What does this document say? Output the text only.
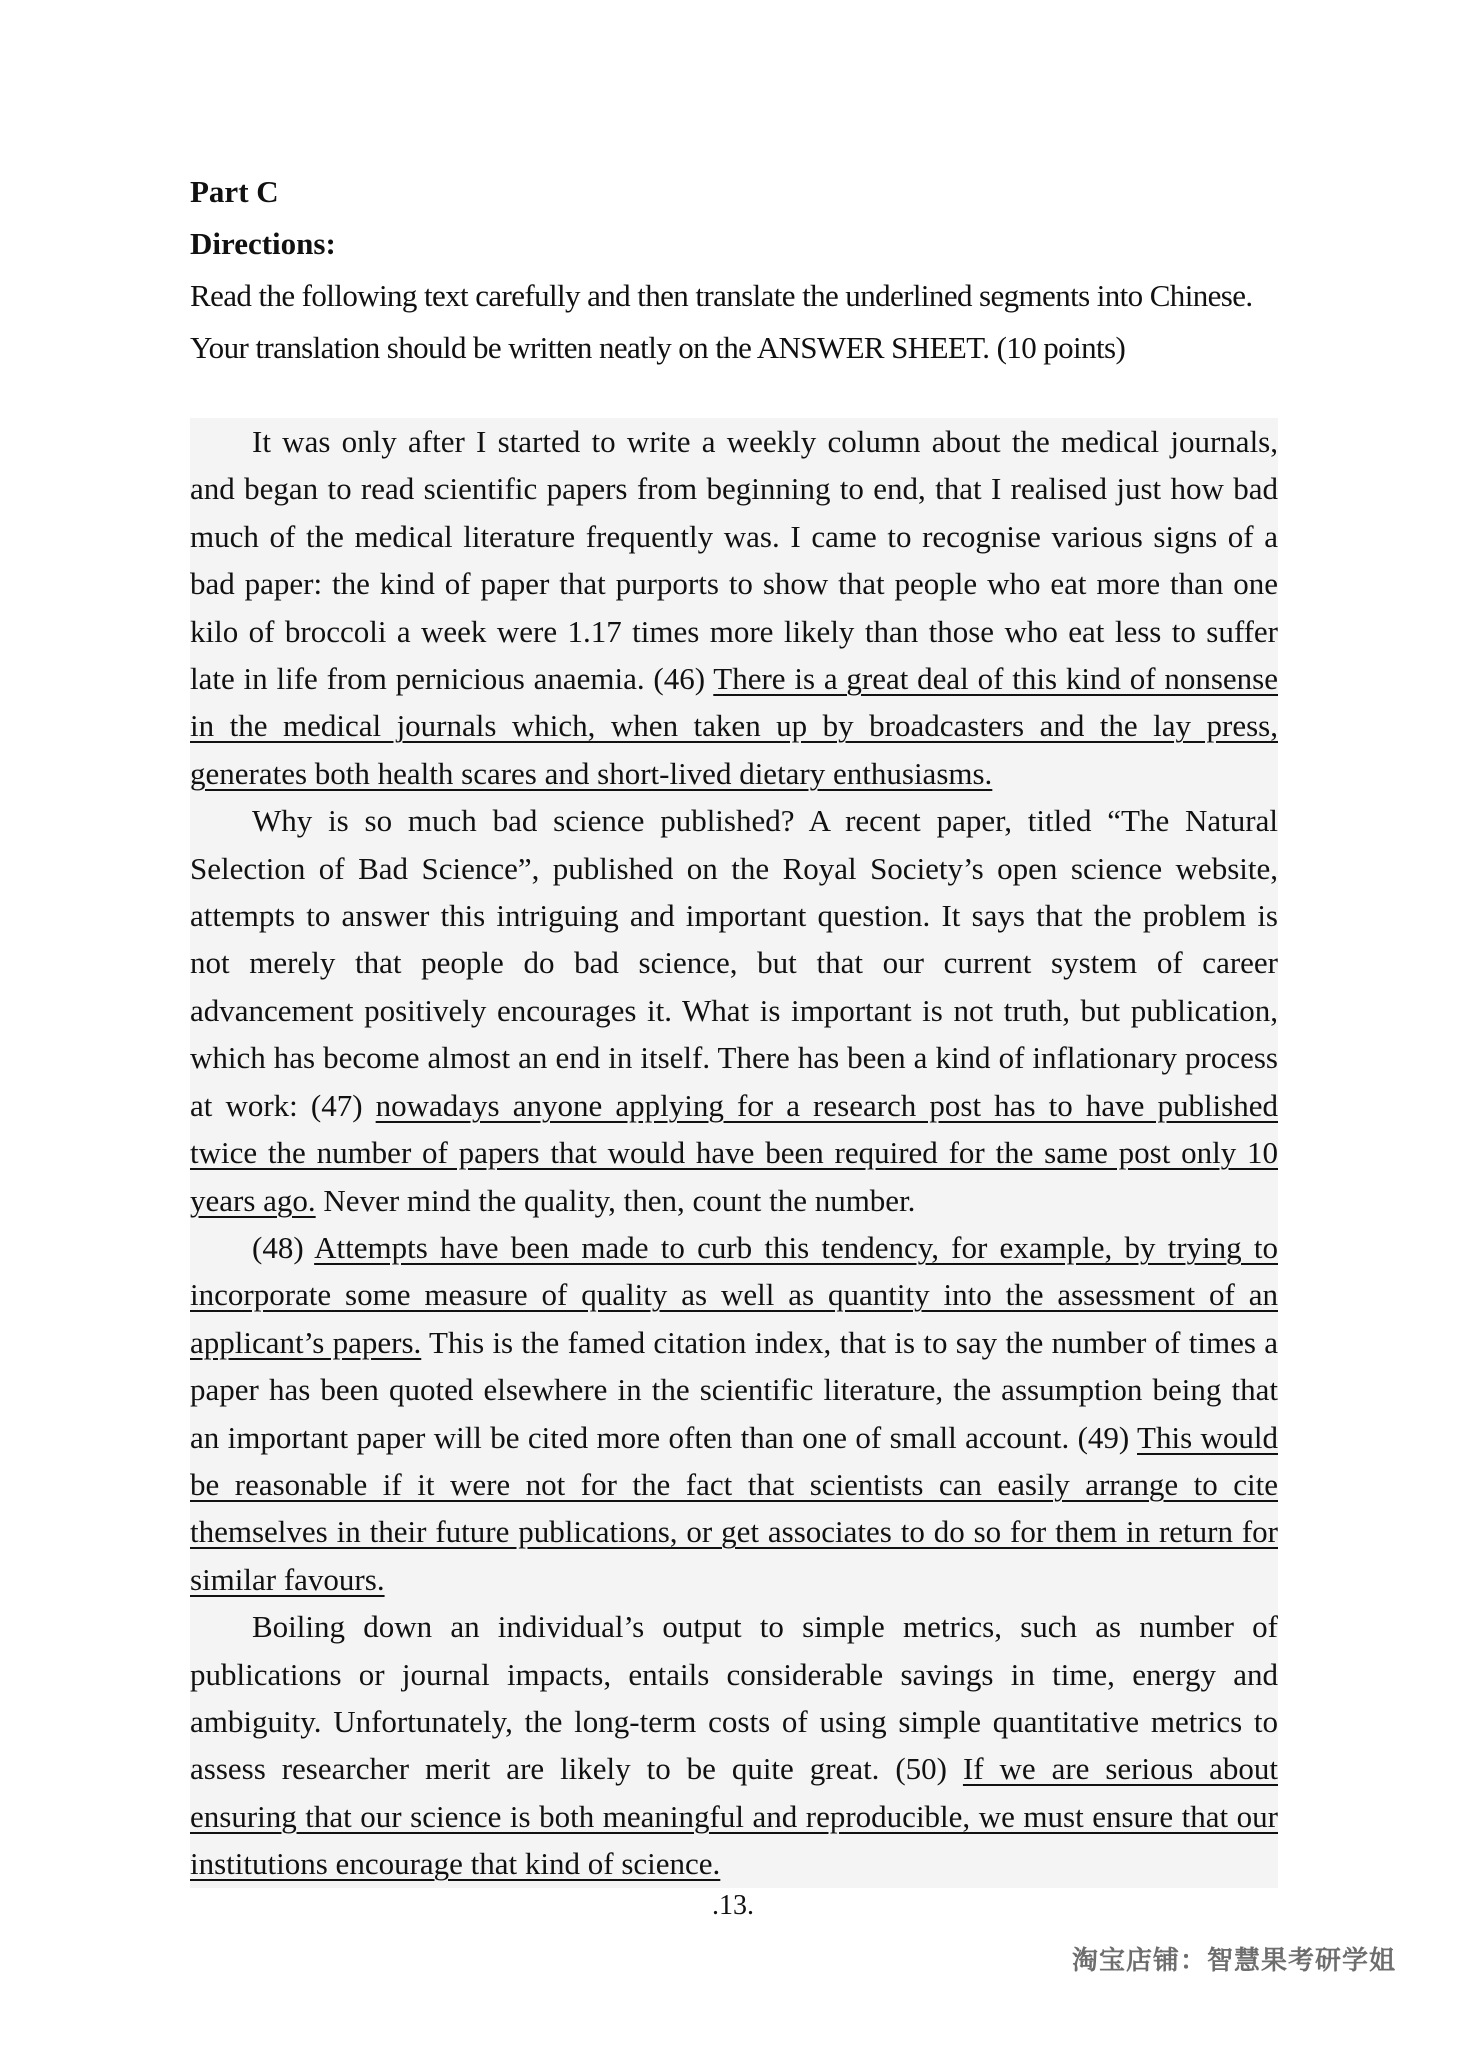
Part C
Directions:
Read the following text carefully and then translate the underlined segments into Chinese.
Your translation should be written neatly on the ANSWER SHEET. (10 points)

It was only after I started to write a weekly column about the medical journals, and began to read scientific papers from beginning to end, that I realised just how bad much of the medical literature frequently was. I came to recognise various signs of a bad paper: the kind of paper that purports to show that people who eat more than one kilo of broccoli a week were 1.17 times more likely than those who eat less to suffer late in life from pernicious anaemia. (46) There is a great deal of this kind of nonsense in the medical journals which, when taken up by broadcasters and the lay press, generates both health scares and short-lived dietary enthusiasms.

Why is so much bad science published? A recent paper, titled “The Natural Selection of Bad Science”, published on the Royal Society’s open science website, attempts to answer this intriguing and important question. It says that the problem is not merely that people do bad science, but that our current system of career advancement positively encourages it. What is important is not truth, but publication, which has become almost an end in itself. There has been a kind of inflationary process at work: (47) nowadays anyone applying for a research post has to have published twice the number of papers that would have been required for the same post only 10 years ago. Never mind the quality, then, count the number.

(48) Attempts have been made to curb this tendency, for example, by trying to incorporate some measure of quality as well as quantity into the assessment of an applicant’s papers. This is the famed citation index, that is to say the number of times a paper has been quoted elsewhere in the scientific literature, the assumption being that an important paper will be cited more often than one of small account. (49) This would be reasonable if it were not for the fact that scientists can easily arrange to cite themselves in their future publications, or get associates to do so for them in return for similar favours.

Boiling down an individual’s output to simple metrics, such as number of publications or journal impacts, entails considerable savings in time, energy and ambiguity. Unfortunately, the long-term costs of using simple quantitative metrics to assess researcher merit are likely to be quite great. (50) If we are serious about ensuring that our science is both meaningful and reproducible, we must ensure that our institutions encourage that kind of science.

.13.
淘宝店铺：智慧果考研学姐
